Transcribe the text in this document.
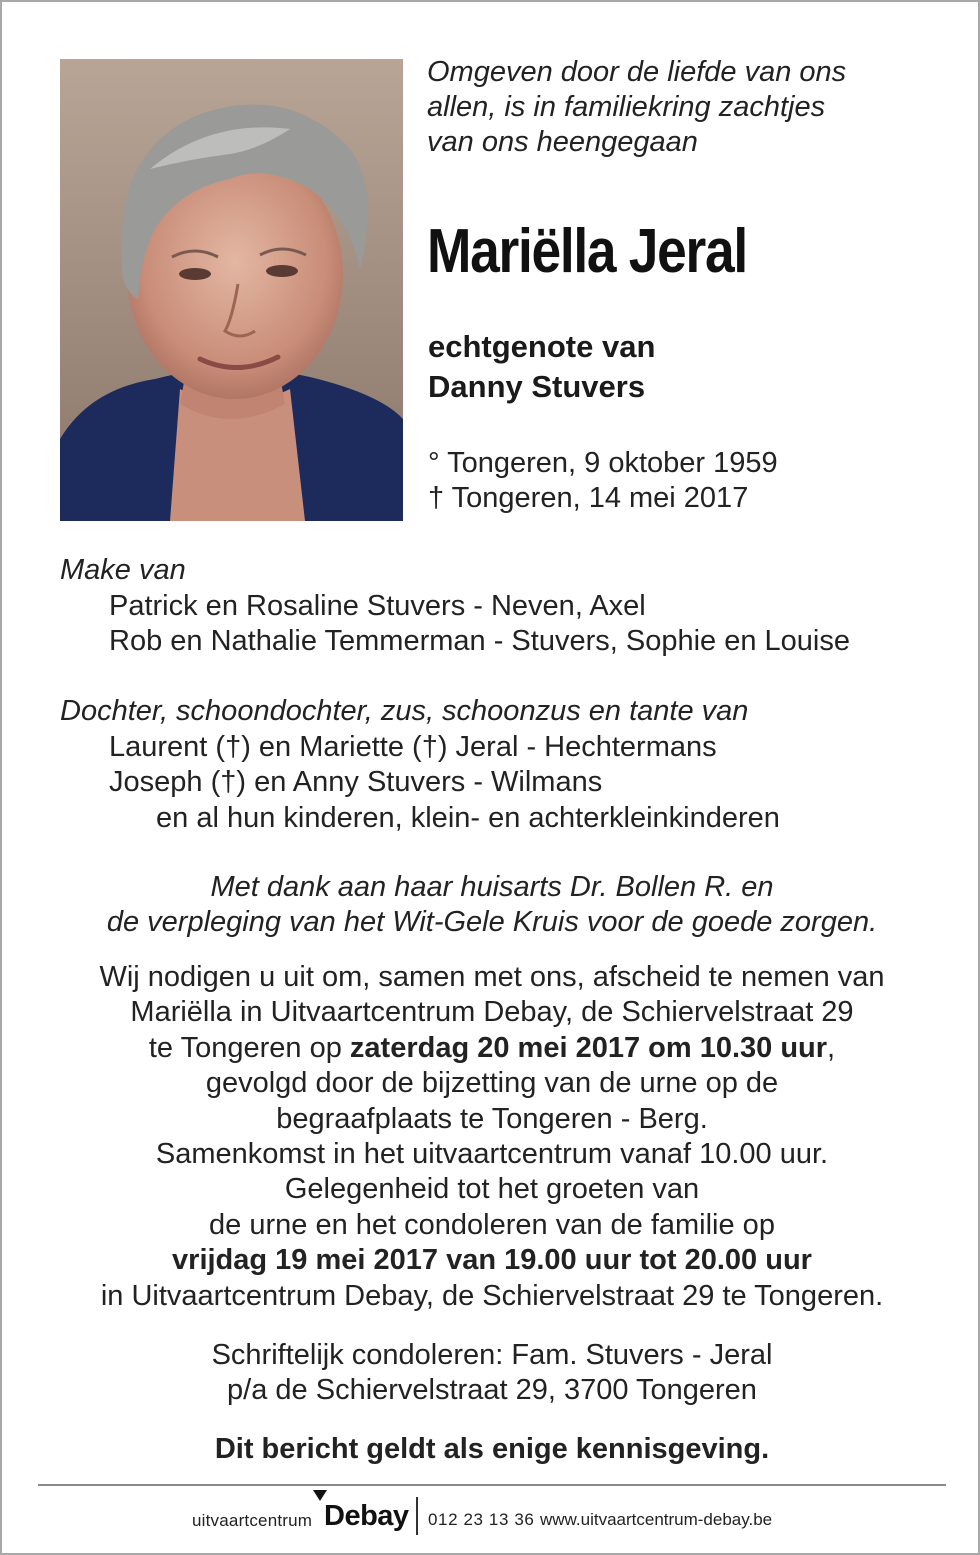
Omgeven door de liefde van ons
allen, is in familiekring zachtjes
van ons heengegaan
Mariëlla Jeral
echtgenote van
Danny Stuvers
° Tongeren, 9 oktober 1959
† Tongeren, 14 mei 2017
Make van
Patrick en Rosaline Stuvers - Neven, Axel
Rob en Nathalie Temmerman - Stuvers, Sophie en Louise
Dochter, schoondochter, zus, schoonzus en tante van
Laurent (†) en Mariette (†) Jeral - Hechtermans
Joseph (†) en Anny Stuvers - Wilmans
en al hun kinderen, klein- en achterkleinkinderen
Met dank aan haar huisarts Dr. Bollen R. en
de verpleging van het Wit-Gele Kruis voor de goede zorgen.
Wij nodigen u uit om, samen met ons, afscheid te nemen van
Mariëlla in Uitvaartcentrum Debay, de Schiervelstraat 29
te Tongeren op zaterdag 20 mei 2017 om 10.30 uur,
gevolgd door de bijzetting van de urne op de
begraafplaats te Tongeren - Berg.
Samenkomst in het uitvaartcentrum vanaf 10.00 uur.
Gelegenheid tot het groeten van
de urne en het condoleren van de familie op
vrijdag 19 mei 2017 van 19.00 uur tot 20.00 uur
in Uitvaartcentrum Debay, de Schiervelstraat 29 te Tongeren.
Schriftelijk condoleren: Fam. Stuvers - Jeral
p/a de Schiervelstraat 29, 3700 Tongeren
Dit bericht geldt als enige kennisgeving.
uitvaartcentrum Debay 012 23 13 36 www.uitvaartcentrum-debay.be
